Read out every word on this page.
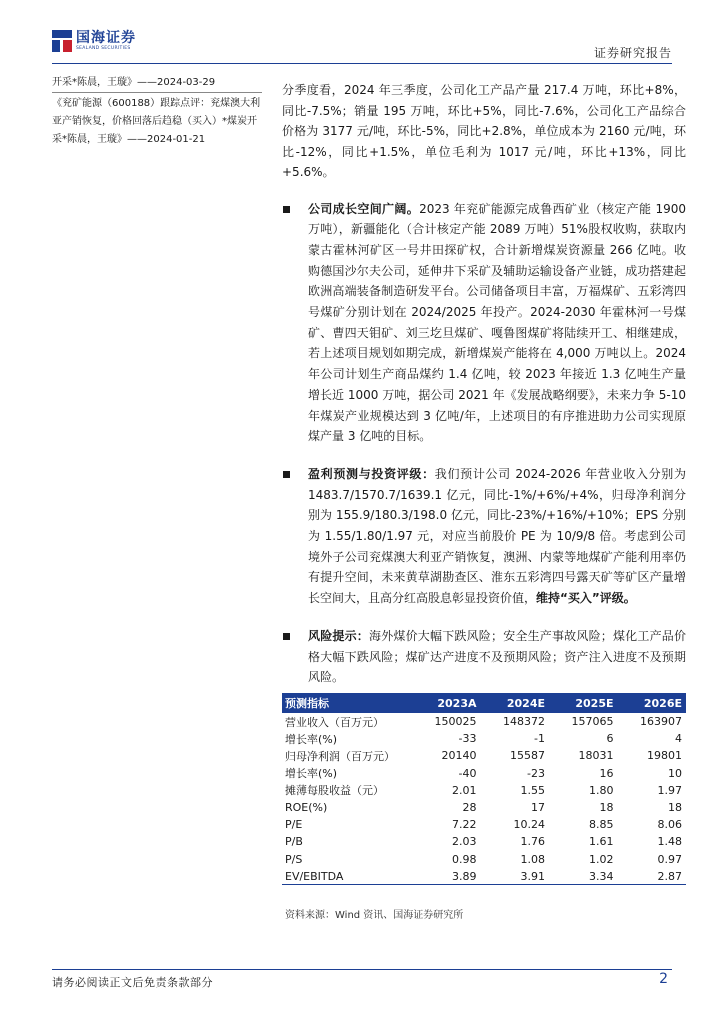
国海证券
SEALAND SECURITIES	证券研究报告
开采*陈晨，王璇》——2024-03-29
《兖矿能源（600188）跟踪点评：兖煤澳大利亚产销恢复，价格回落后趋稳（买入）*煤炭开采*陈晨，王璇》——2024-01-21

分季度看，2024 年三季度，公司化工产品产量 217.4 万吨，环比+8%，同比-7.5%；销量 195 万吨，环比+5%，同比-7.6%，公司化工产品综合价格为 3177 元/吨，环比-5%，同比+2.8%，单位成本为 2160 元/吨，环比-12%，同比+1.5%，单位毛利为 1017 元/吨，环比+13%，同比+5.6%。

公司成长空间广阔。2023 年兖矿能源完成鲁西矿业（核定产能 1900 万吨），新疆能化（合计核定产能 2089 万吨）51%股权收购，获取内蒙古霍林河矿区一号井田探矿权，合计新增煤炭资源量 266 亿吨。收购德国沙尔夫公司，延伸井下采矿及辅助运输设备产业链，成功搭建起欧洲高端装备制造研发平台。公司储备项目丰富，万福煤矿、五彩湾四号煤矿分别计划在 2024/2025 年投产。2024-2030 年霍林河一号煤矿、曹四天钼矿、刘三圪旦煤矿、嘎鲁图煤矿将陆续开工、相继建成，若上述项目规划如期完成，新增煤炭产能将在 4,000 万吨以上。2024 年公司计划生产商品煤约 1.4 亿吨，较 2023 年接近 1.3 亿吨生产量增长近 1000 万吨，据公司 2021 年《发展战略纲要》，未来力争 5-10 年煤炭产业规模达到 3 亿吨/年，上述项目的有序推进助力公司实现原煤产量 3 亿吨的目标。
盈利预测与投资评级：我们预计公司 2024-2026 年营业收入分别为 1483.7/1570.7/1639.1 亿元，同比-1%/+6%/+4%，归母净利润分别为 155.9/180.3/198.0 亿元，同比-23%/+16%/+10%；EPS 分别为 1.55/1.80/1.97 元，对应当前股价 PE 为 10/9/8 倍。考虑到公司境外子公司兖煤澳大利亚产销恢复，澳洲、内蒙等地煤矿产能利用率仍有提升空间，未来黄草湖勘查区、淮东五彩湾四号露天矿等矿区产量增长空间大，且高分红高股息彰显投资价值，维持“买入”评级。
风险提示：海外煤价大幅下跌风险；安全生产事故风险；煤化工产品价格大幅下跌风险；煤矿达产进度不及预期风险；资产注入进度不及预期风险。
预测指标	2023A	2024E	2025E	2026E
营业收入（百万元）	150025	148372	157065	163907
增长率(%)	-33	-1	6	4
归母净利润（百万元）	20140	15587	18031	19801
增长率(%)	-40	-23	16	10
摊薄每股收益（元）	2.01	1.55	1.80	1.97
ROE(%)	28	17	18	18
P/E	7.22	10.24	8.85	8.06
P/B	2.03	1.76	1.61	1.48
P/S	0.98	1.08	1.02	0.97
EV/EBITDA	3.89	3.91	3.34	2.87
资料来源：Wind 资讯、国海证券研究所
请务必阅读正文后免责条款部分	2
